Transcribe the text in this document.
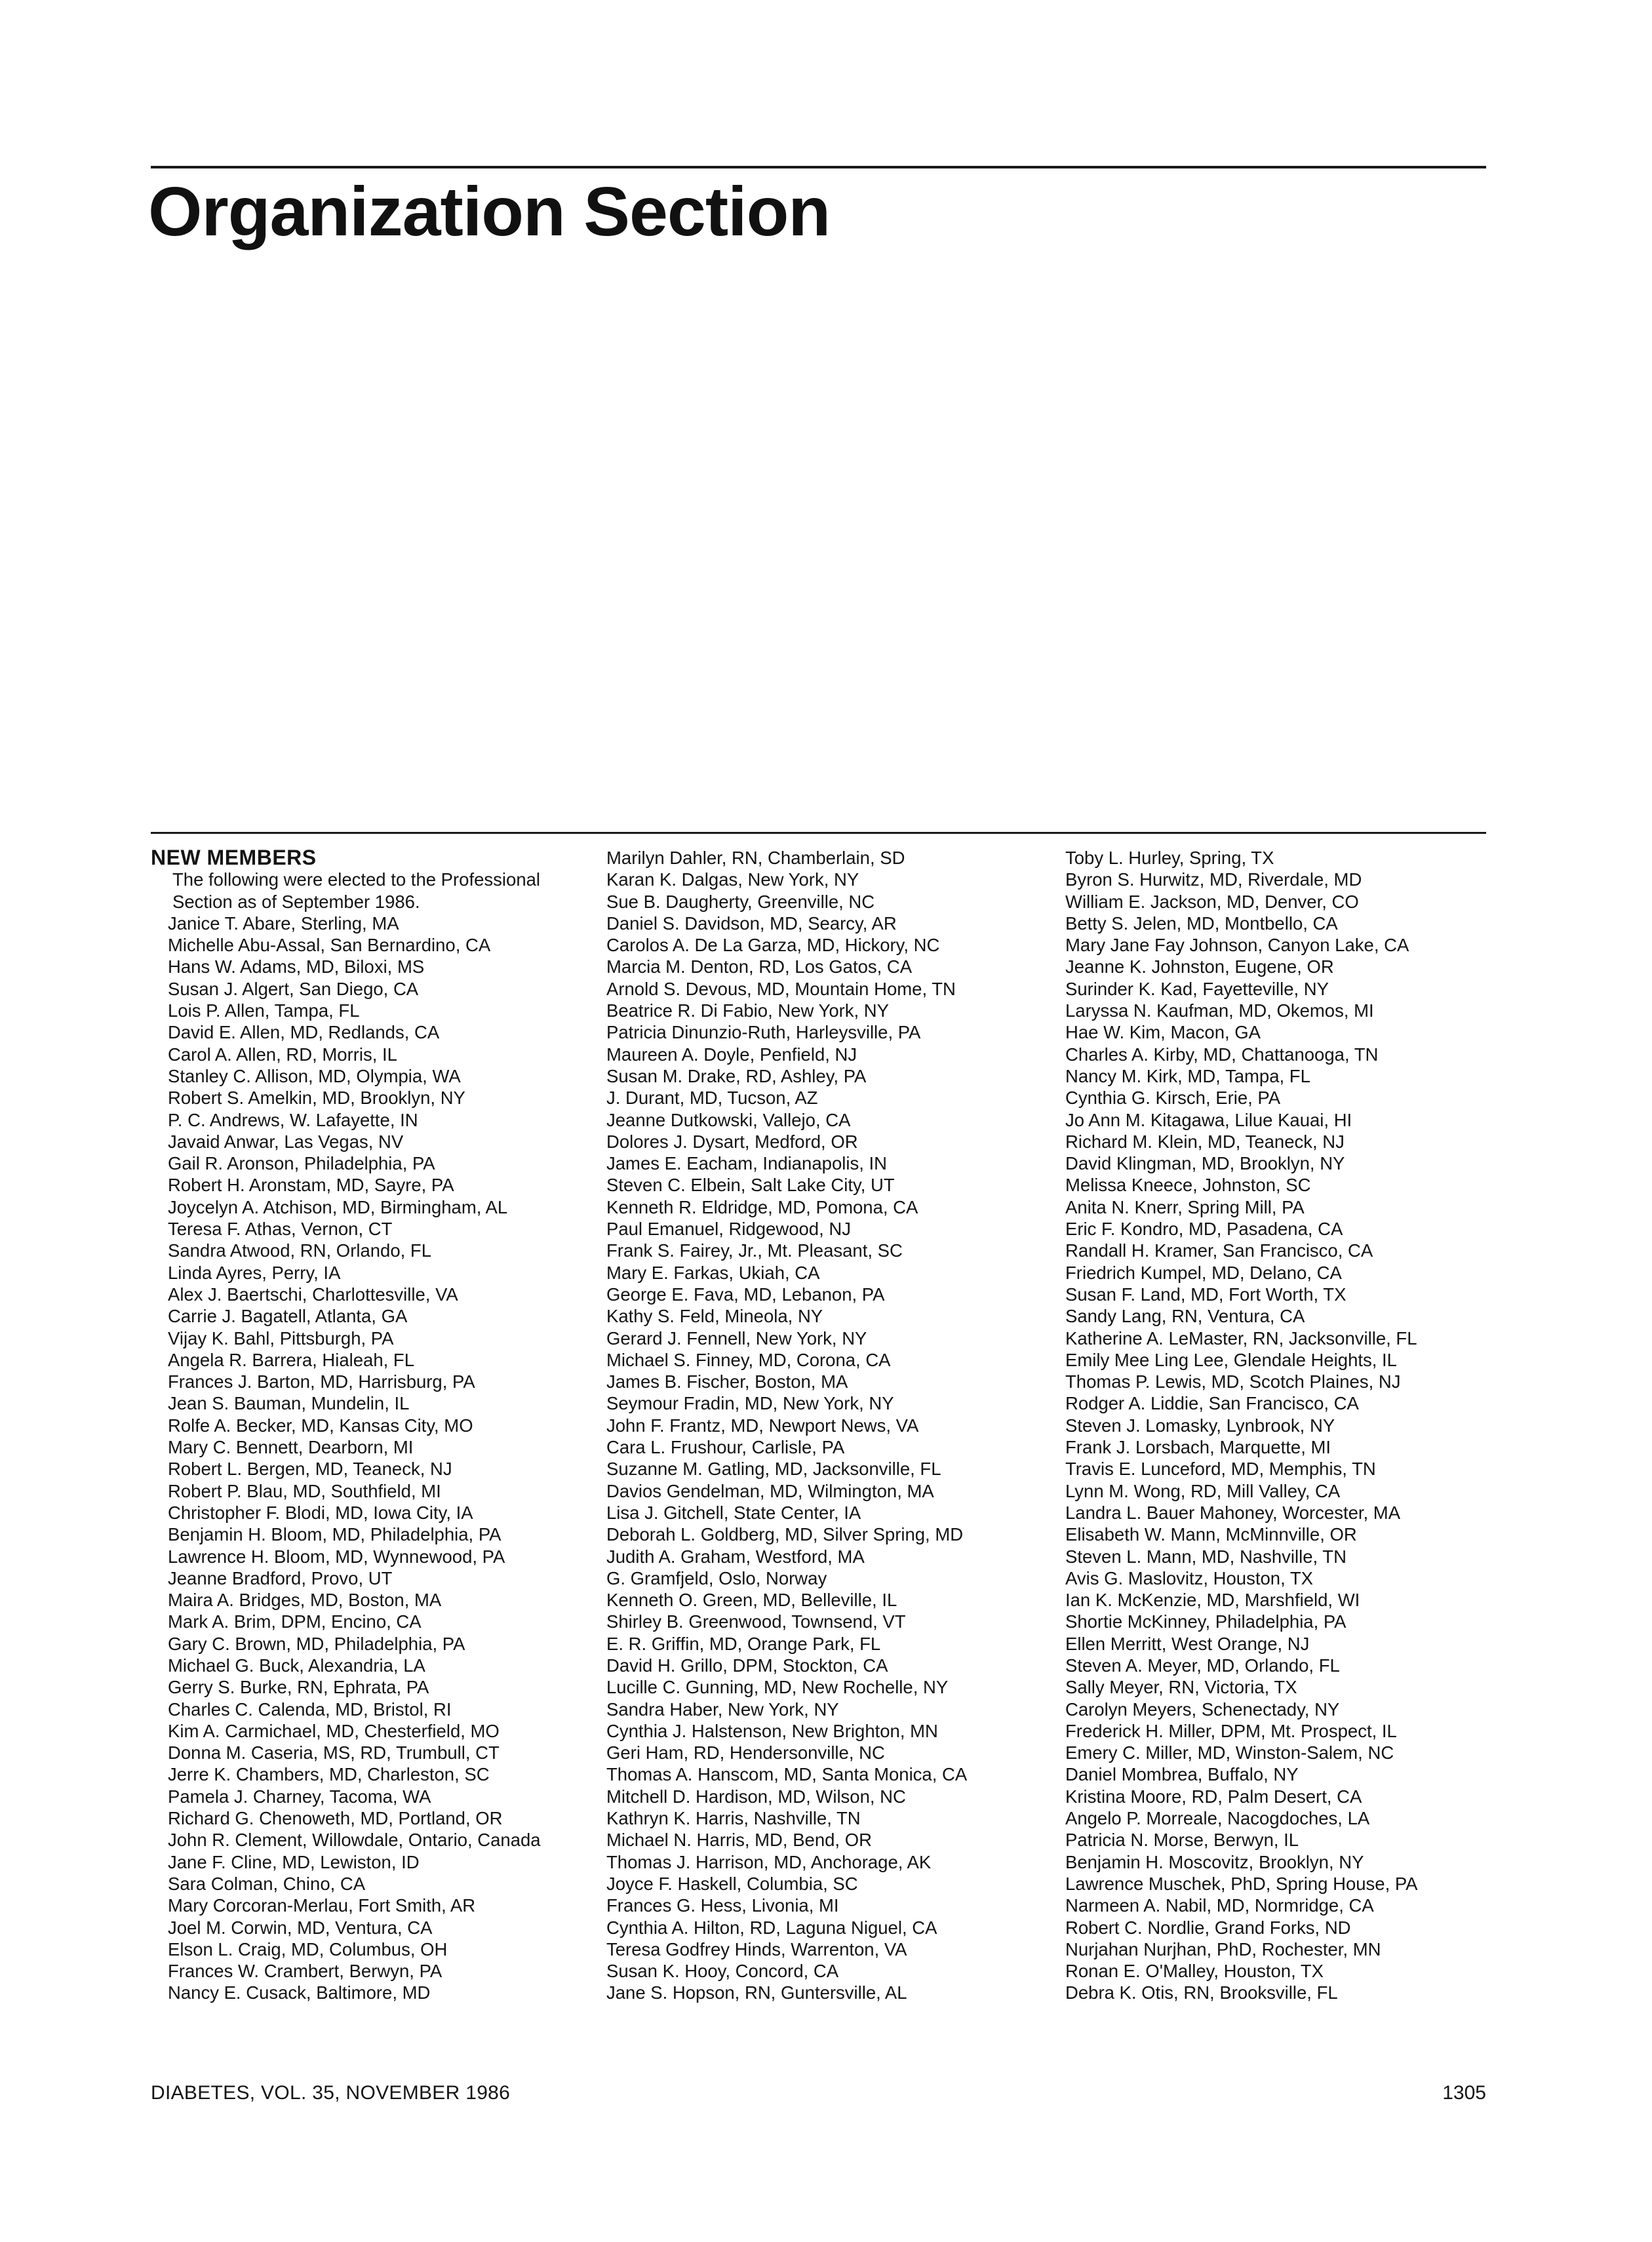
Organization Section
NEW MEMBERS
The following were elected to the Professional
Section as of September 1986.
Janice T. Abare, Sterling, MA
Michelle Abu-Assal, San Bernardino, CA
Hans W. Adams, MD, Biloxi, MS
Susan J. Algert, San Diego, CA
Lois P. Allen, Tampa, FL
David E. Allen, MD, Redlands, CA
Carol A. Allen, RD, Morris, IL
Stanley C. Allison, MD, Olympia, WA
Robert S. Amelkin, MD, Brooklyn, NY
P. C. Andrews, W. Lafayette, IN
Javaid Anwar, Las Vegas, NV
Gail R. Aronson, Philadelphia, PA
Robert H. Aronstam, MD, Sayre, PA
Joycelyn A. Atchison, MD, Birmingham, AL
Teresa F. Athas, Vernon, CT
Sandra Atwood, RN, Orlando, FL
Linda Ayres, Perry, IA
Alex J. Baertschi, Charlottesville, VA
Carrie J. Bagatell, Atlanta, GA
Vijay K. Bahl, Pittsburgh, PA
Angela R. Barrera, Hialeah, FL
Frances J. Barton, MD, Harrisburg, PA
Jean S. Bauman, Mundelin, IL
Rolfe A. Becker, MD, Kansas City, MO
Mary C. Bennett, Dearborn, MI
Robert L. Bergen, MD, Teaneck, NJ
Robert P. Blau, MD, Southfield, MI
Christopher F. Blodi, MD, Iowa City, IA
Benjamin H. Bloom, MD, Philadelphia, PA
Lawrence H. Bloom, MD, Wynnewood, PA
Jeanne Bradford, Provo, UT
Maira A. Bridges, MD, Boston, MA
Mark A. Brim, DPM, Encino, CA
Gary C. Brown, MD, Philadelphia, PA
Michael G. Buck, Alexandria, LA
Gerry S. Burke, RN, Ephrata, PA
Charles C. Calenda, MD, Bristol, RI
Kim A. Carmichael, MD, Chesterfield, MO
Donna M. Caseria, MS, RD, Trumbull, CT
Jerre K. Chambers, MD, Charleston, SC
Pamela J. Charney, Tacoma, WA
Richard G. Chenoweth, MD, Portland, OR
John R. Clement, Willowdale, Ontario, Canada
Jane F. Cline, MD, Lewiston, ID
Sara Colman, Chino, CA
Mary Corcoran-Merlau, Fort Smith, AR
Joel M. Corwin, MD, Ventura, CA
Elson L. Craig, MD, Columbus, OH
Frances W. Crambert, Berwyn, PA
Nancy E. Cusack, Baltimore, MD
Marilyn Dahler, RN, Chamberlain, SD
Karan K. Dalgas, New York, NY
Sue B. Daugherty, Greenville, NC
Daniel S. Davidson, MD, Searcy, AR
Carolos A. De La Garza, MD, Hickory, NC
Marcia M. Denton, RD, Los Gatos, CA
Arnold S. Devous, MD, Mountain Home, TN
Beatrice R. Di Fabio, New York, NY
Patricia Dinunzio-Ruth, Harleysville, PA
Maureen A. Doyle, Penfield, NJ
Susan M. Drake, RD, Ashley, PA
J. Durant, MD, Tucson, AZ
Jeanne Dutkowski, Vallejo, CA
Dolores J. Dysart, Medford, OR
James E. Eacham, Indianapolis, IN
Steven C. Elbein, Salt Lake City, UT
Kenneth R. Eldridge, MD, Pomona, CA
Paul Emanuel, Ridgewood, NJ
Frank S. Fairey, Jr., Mt. Pleasant, SC
Mary E. Farkas, Ukiah, CA
George E. Fava, MD, Lebanon, PA
Kathy S. Feld, Mineola, NY
Gerard J. Fennell, New York, NY
Michael S. Finney, MD, Corona, CA
James B. Fischer, Boston, MA
Seymour Fradin, MD, New York, NY
John F. Frantz, MD, Newport News, VA
Cara L. Frushour, Carlisle, PA
Suzanne M. Gatling, MD, Jacksonville, FL
Davios Gendelman, MD, Wilmington, MA
Lisa J. Gitchell, State Center, IA
Deborah L. Goldberg, MD, Silver Spring, MD
Judith A. Graham, Westford, MA
G. Gramfjeld, Oslo, Norway
Kenneth O. Green, MD, Belleville, IL
Shirley B. Greenwood, Townsend, VT
E. R. Griffin, MD, Orange Park, FL
David H. Grillo, DPM, Stockton, CA
Lucille C. Gunning, MD, New Rochelle, NY
Sandra Haber, New York, NY
Cynthia J. Halstenson, New Brighton, MN
Geri Ham, RD, Hendersonville, NC
Thomas A. Hanscom, MD, Santa Monica, CA
Mitchell D. Hardison, MD, Wilson, NC
Kathryn K. Harris, Nashville, TN
Michael N. Harris, MD, Bend, OR
Thomas J. Harrison, MD, Anchorage, AK
Joyce F. Haskell, Columbia, SC
Frances G. Hess, Livonia, MI
Cynthia A. Hilton, RD, Laguna Niguel, CA
Teresa Godfrey Hinds, Warrenton, VA
Susan K. Hooy, Concord, CA
Jane S. Hopson, RN, Guntersville, AL
Toby L. Hurley, Spring, TX
Byron S. Hurwitz, MD, Riverdale, MD
William E. Jackson, MD, Denver, CO
Betty S. Jelen, MD, Montbello, CA
Mary Jane Fay Johnson, Canyon Lake, CA
Jeanne K. Johnston, Eugene, OR
Surinder K. Kad, Fayetteville, NY
Laryssa N. Kaufman, MD, Okemos, MI
Hae W. Kim, Macon, GA
Charles A. Kirby, MD, Chattanooga, TN
Nancy M. Kirk, MD, Tampa, FL
Cynthia G. Kirsch, Erie, PA
Jo Ann M. Kitagawa, Lilue Kauai, HI
Richard M. Klein, MD, Teaneck, NJ
David Klingman, MD, Brooklyn, NY
Melissa Kneece, Johnston, SC
Anita N. Knerr, Spring Mill, PA
Eric F. Kondro, MD, Pasadena, CA
Randall H. Kramer, San Francisco, CA
Friedrich Kumpel, MD, Delano, CA
Susan F. Land, MD, Fort Worth, TX
Sandy Lang, RN, Ventura, CA
Katherine A. LeMaster, RN, Jacksonville, FL
Emily Mee Ling Lee, Glendale Heights, IL
Thomas P. Lewis, MD, Scotch Plaines, NJ
Rodger A. Liddie, San Francisco, CA
Steven J. Lomasky, Lynbrook, NY
Frank J. Lorsbach, Marquette, MI
Travis E. Lunceford, MD, Memphis, TN
Lynn M. Wong, RD, Mill Valley, CA
Landra L. Bauer Mahoney, Worcester, MA
Elisabeth W. Mann, McMinnville, OR
Steven L. Mann, MD, Nashville, TN
Avis G. Maslovitz, Houston, TX
Ian K. McKenzie, MD, Marshfield, WI
Shortie McKinney, Philadelphia, PA
Ellen Merritt, West Orange, NJ
Steven A. Meyer, MD, Orlando, FL
Sally Meyer, RN, Victoria, TX
Carolyn Meyers, Schenectady, NY
Frederick H. Miller, DPM, Mt. Prospect, IL
Emery C. Miller, MD, Winston-Salem, NC
Daniel Mombrea, Buffalo, NY
Kristina Moore, RD, Palm Desert, CA
Angelo P. Morreale, Nacogdoches, LA
Patricia N. Morse, Berwyn, IL
Benjamin H. Moscovitz, Brooklyn, NY
Lawrence Muschek, PhD, Spring House, PA
Narmeen A. Nabil, MD, Normridge, CA
Robert C. Nordlie, Grand Forks, ND
Nurjahan Nurjhan, PhD, Rochester, MN
Ronan E. O'Malley, Houston, TX
Debra K. Otis, RN, Brooksville, FL
DIABETES, VOL. 35, NOVEMBER 1986	1305
